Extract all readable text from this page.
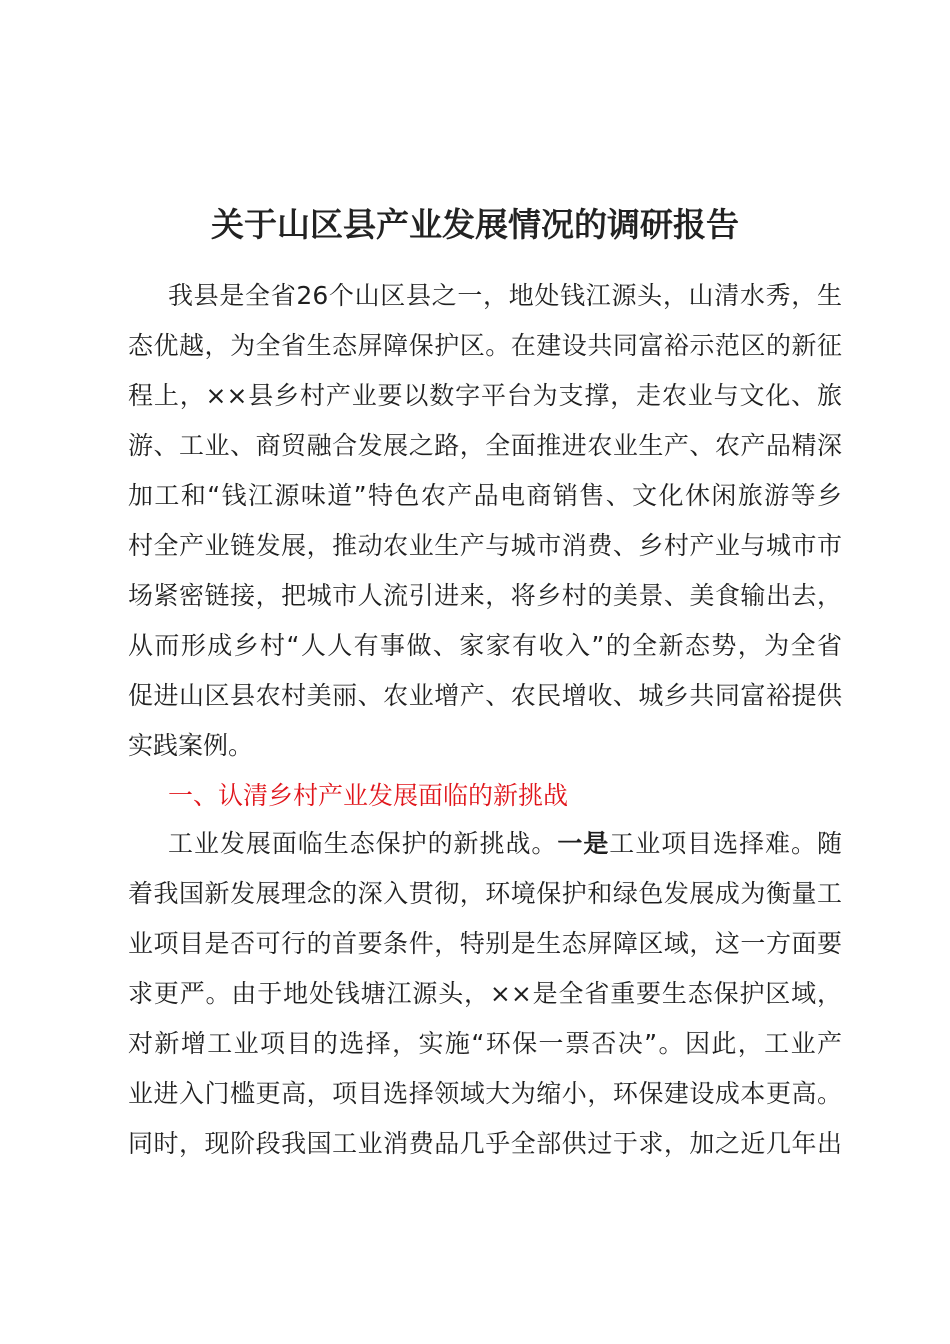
关于山区县产业发展情况的调研报告
我县是全省26个山区县之一，地处钱江源头，山清水秀，生
态优越，为全省生态屏障保护区。在建设共同富裕示范区的新征
程上，××县乡村产业要以数字平台为支撑，走农业与文化、旅
游、工业、商贸融合发展之路，全面推进农业生产、农产品精深
加工和“钱江源味道”特色农产品电商销售、文化休闲旅游等乡
村全产业链发展，推动农业生产与城市消费、乡村产业与城市市
场紧密链接，把城市人流引进来，将乡村的美景、美食输出去，
从而形成乡村“人人有事做、家家有收入”的全新态势，为全省
促进山区县农村美丽、农业增产、农民增收、城乡共同富裕提供
实践案例。
一、认清乡村产业发展面临的新挑战
工业发展面临生态保护的新挑战。一是工业项目选择难。随
着我国新发展理念的深入贯彻，环境保护和绿色发展成为衡量工
业项目是否可行的首要条件，特别是生态屏障区域，这一方面要
求更严。由于地处钱塘江源头，××是全省重要生态保护区域，
对新增工业项目的选择，实施“环保一票否决”。因此，工业产
业进入门槛更高，项目选择领域大为缩小，环保建设成本更高。
同时，现阶段我国工业消费品几乎全部供过于求，加之近几年出
